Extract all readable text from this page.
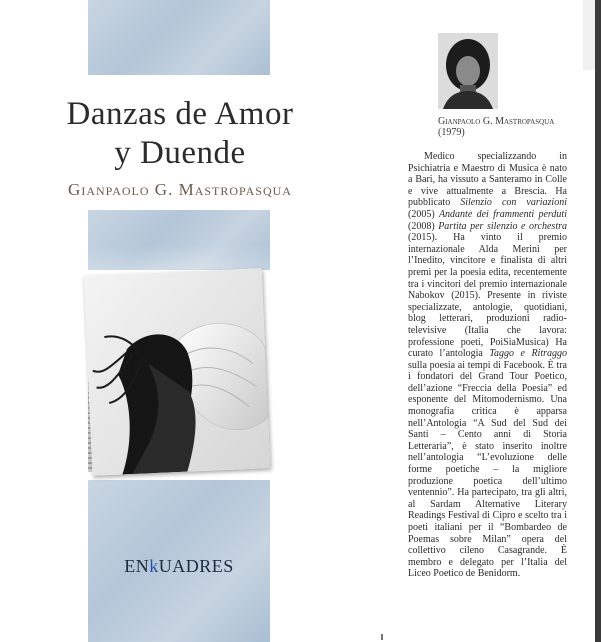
Danzas de Amor
y Duende
Gianpaolo G. Mastropasqua
ENkUADRES
Gianpaolo G. Mastropasqua
(1979)

Medico specializzando in Psichiatria e Maestro di Musica è nato a Bari, ha vissuto a Santeramo in Colle e vive attualmente a Brescia. Ha pubblicato Silenzio con variazioni (2005) Andante dei frammenti perduti (2008) Partita per silenzio e orchestra (2015). Ha vinto il premio internazionale Alda Merini per l’Inedito, vincitore e finalista di altri premi per la poesia edita, recentemente tra i vincitori del premio internazionale Nabokov (2015). Presente in riviste specializzate, antologie, quotidiani, blog letterari, produzioni radio-televisive (Italia che lavora: professione poeti, PoiSiaMusica) Ha curato l’antologia Taggo e Ritraggo sulla poesia ai tempi di Facebook. È tra i fondatori del Grand Tour Poetico, dell’azione “Freccia della Poesia” ed esponente del Mitomodernismo. Una monografia critica è apparsa nell’Antologia “A Sud del Sud dei Santi – Cento anni di Storia Letteraria”, è stato inserito inoltre nell’antologia “L’evoluzione delle forme poetiche – la migliore produzione poetica dell’ultimo ventennio”. Ha partecipato, tra gli altri, al Sardam Alternative Literary Readings Festival di Cipro e scelto tra i poeti italiani per il “Bombardeo de Poemas sobre Milan” opera del collettivo cileno Casagrande. È membro e delegato per l’Italia del Liceo Poetico de Benidorm.
